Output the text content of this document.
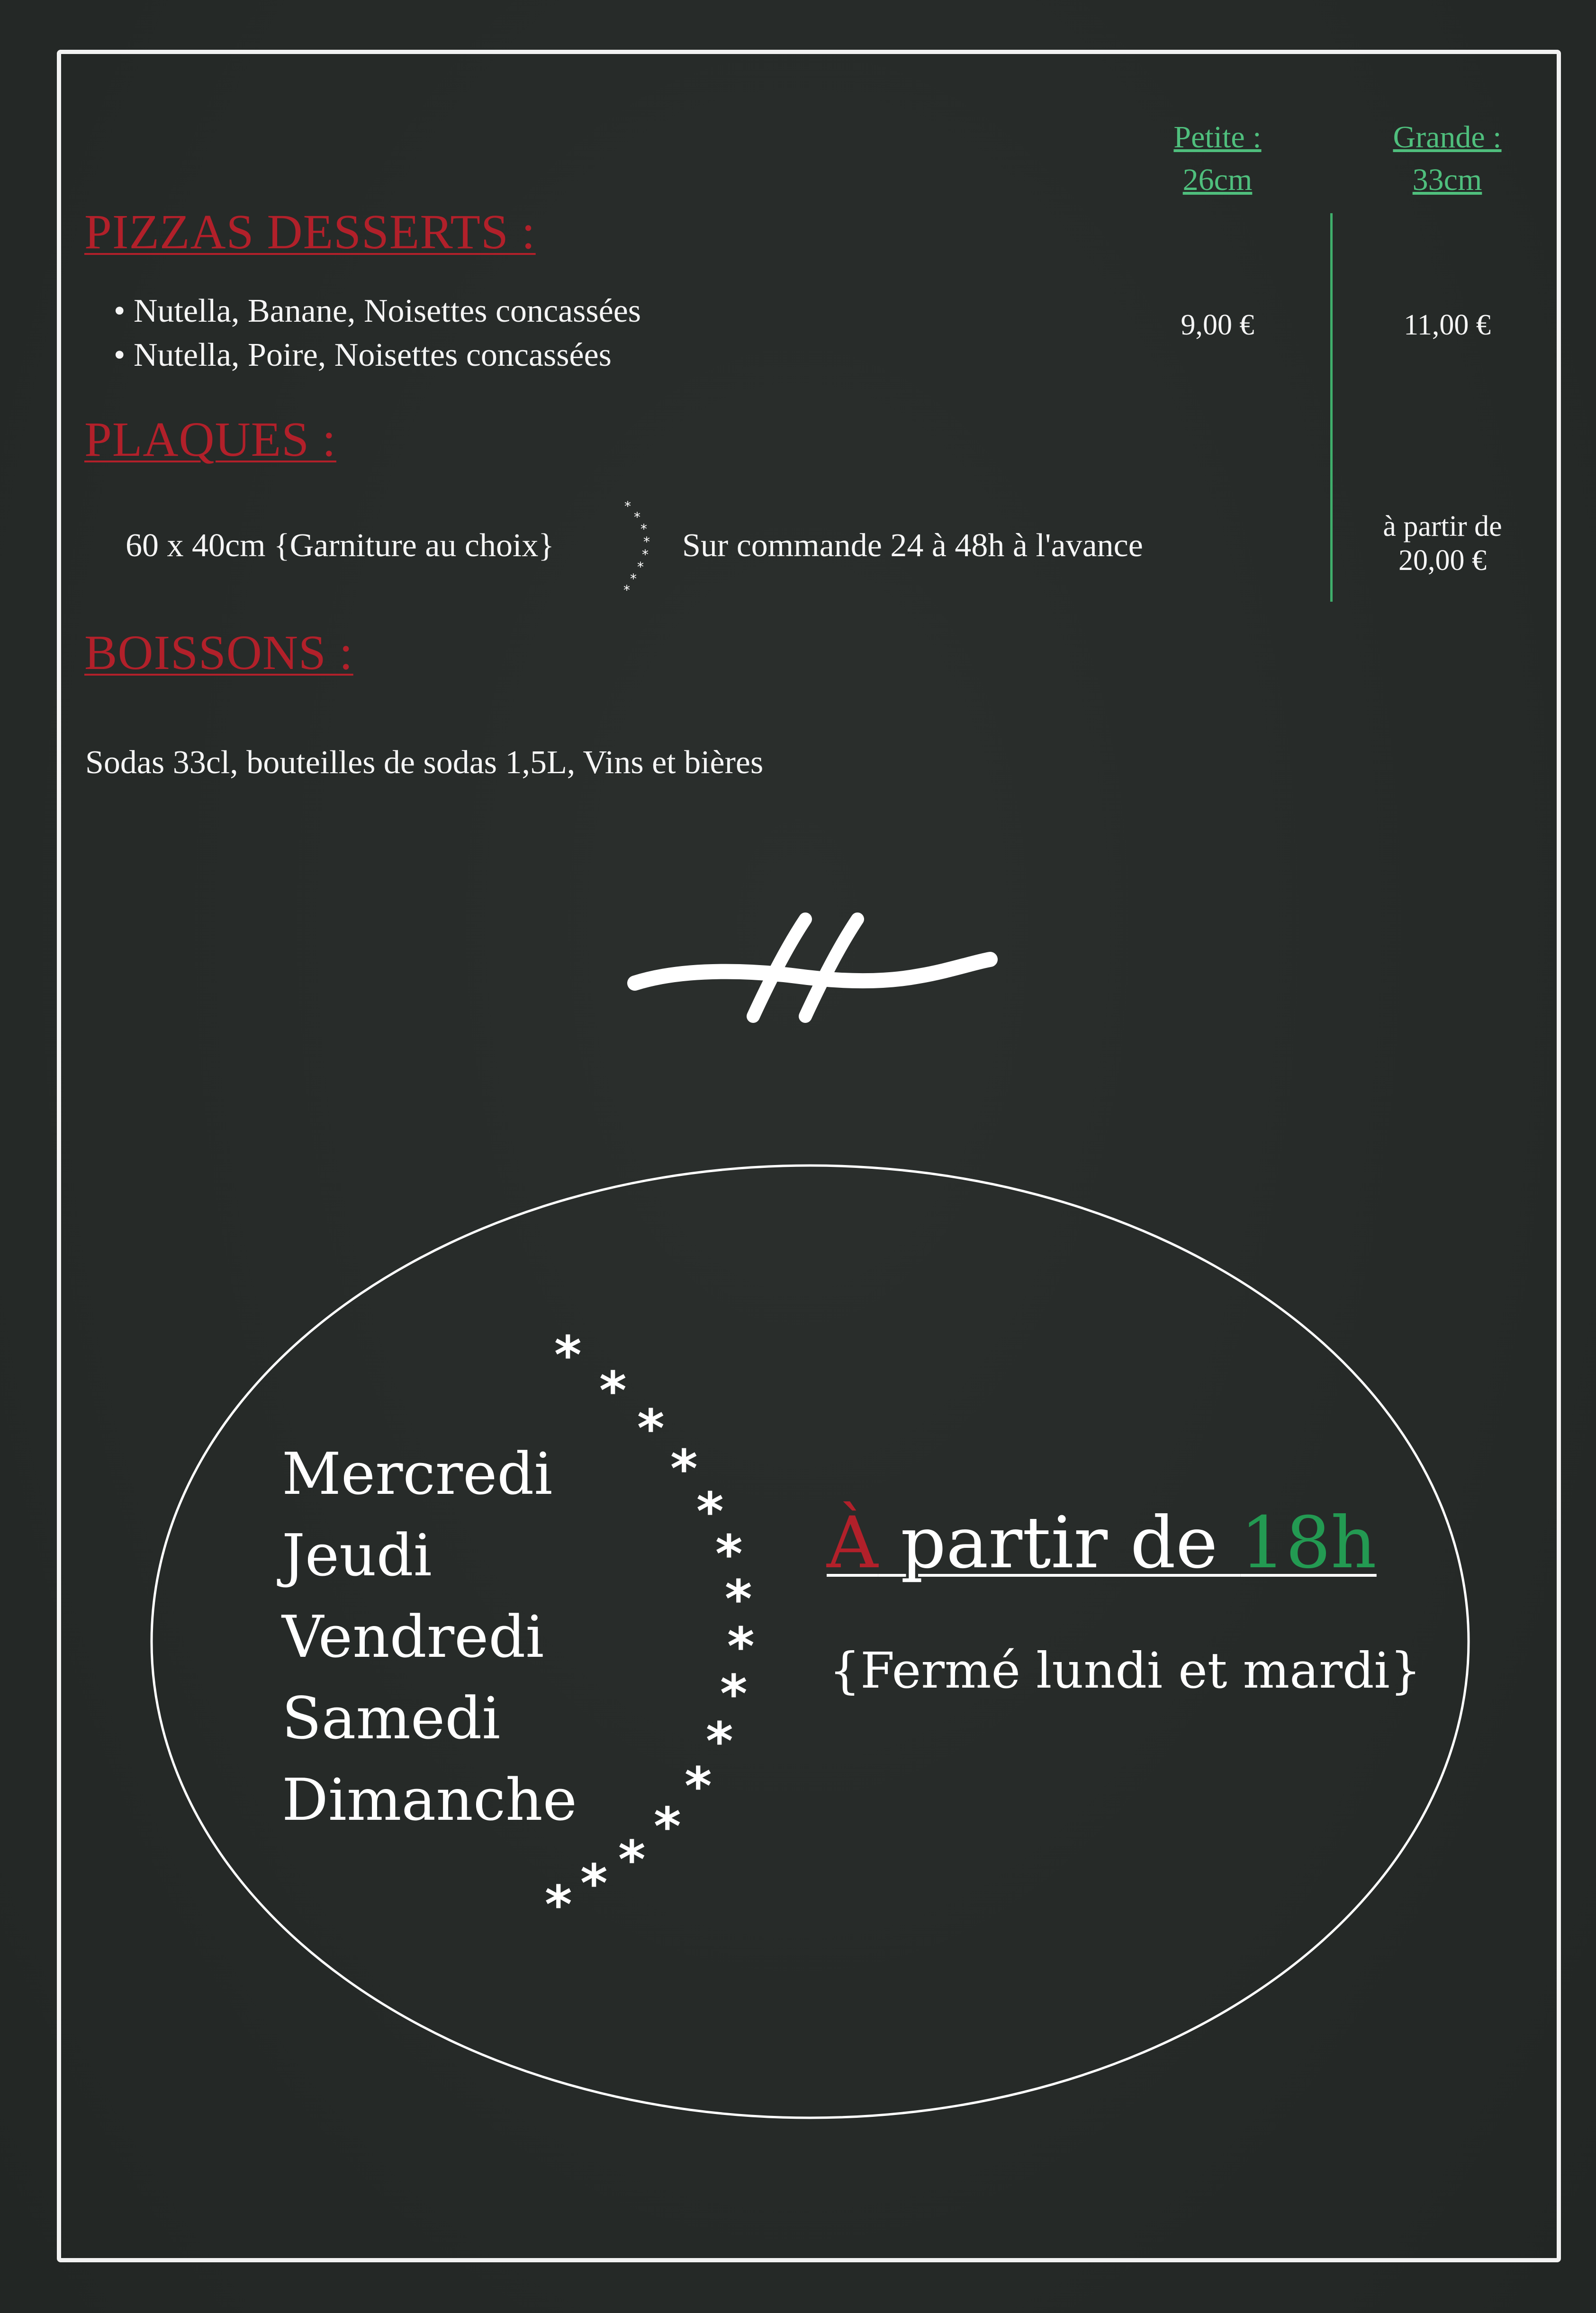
Petite :
26cm
Grande :
33cm
PIZZAS DESSERTS :
• Nutella, Banane, Noisettes concassées
• Nutella, Poire, Noisettes concassées
9,00 €	11,00 €
PLAQUES :
60 x 40cm {Garniture au choix}
*
*
*
*
*
*
*
*
Sur commande 24 à 48h à l'avance
à partir de
20,00 €
BOISSONS :
Sodas 33cl, bouteilles de sodas 1,5L, Vins et bières
Mercredi
Jeudi
Vendredi
Samedi
Dimanche
*
*
*
*
*
*
*
*
*
*
*
*
*
*
*
À partir de 18h
{Fermé lundi et mardi}
